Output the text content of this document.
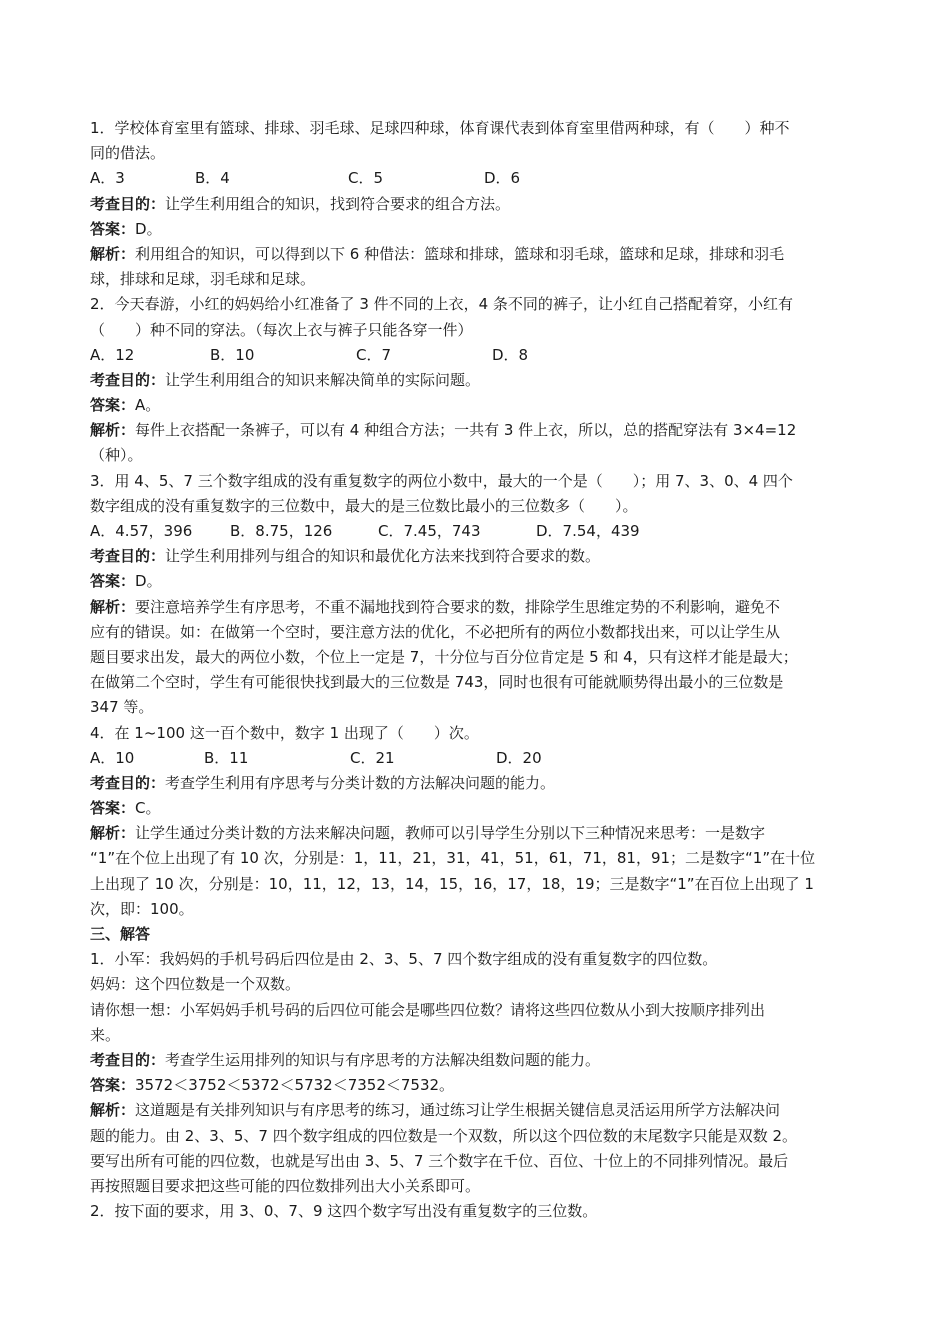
1．学校体育室里有篮球、排球、羽毛球、足球四种球，体育课代表到体育室里借两种球，有（　　）种不
同的借法。
A．3	B．4	C．5	D．6
考查目的：让学生利用组合的知识，找到符合要求的组合方法。
答案：D。
解析：利用组合的知识，可以得到以下 6 种借法：篮球和排球，篮球和羽毛球，篮球和足球，排球和羽毛
球，排球和足球，羽毛球和足球。
2．今天春游，小红的妈妈给小红准备了 3 件不同的上衣，4 条不同的裤子，让小红自己搭配着穿，小红有
（　　）种不同的穿法。（每次上衣与裤子只能各穿一件）
A．12	B．10	C．7	D．8
考查目的：让学生利用组合的知识来解决简单的实际问题。
答案：A。
解析：每件上衣搭配一条裤子，可以有 4 种组合方法；一共有 3 件上衣，所以，总的搭配穿法有 3×4=12
（种）。
3．用 4、5、7 三个数字组成的没有重复数字的两位小数中，最大的一个是（　　）；用 7、3、0、4 四个
数字组成的没有重复数字的三位数中，最大的是三位数比最小的三位数多（　　）。
A．4.57，396	B．8.75，126	C．7.45，743	D．7.54，439
考查目的：让学生利用排列与组合的知识和最优化方法来找到符合要求的数。
答案：D。
解析：要注意培养学生有序思考，不重不漏地找到符合要求的数，排除学生思维定势的不利影响，避免不
应有的错误。如：在做第一个空时，要注意方法的优化，不必把所有的两位小数都找出来，可以让学生从
题目要求出发，最大的两位小数，个位上一定是 7，十分位与百分位肯定是 5 和 4，只有这样才能是最大；
在做第二个空时，学生有可能很快找到最大的三位数是 743，同时也很有可能就顺势得出最小的三位数是
347 等。
4．在 1~100 这一百个数中，数字 1 出现了（　　）次。
A．10	B．11	C．21	D．20
考查目的：考查学生利用有序思考与分类计数的方法解决问题的能力。
答案：C。
解析：让学生通过分类计数的方法来解决问题，教师可以引导学生分别以下三种情况来思考：一是数字
“1”在个位上出现了有 10 次，分别是：1，11，21，31，41，51，61，71，81，91；二是数字“1”在十位
上出现了 10 次，分别是：10，11，12，13，14，15，16，17，18，19；三是数字“1”在百位上出现了 1
次，即：100。
三、解答
1．小军：我妈妈的手机号码后四位是由 2、3、5、7 四个数字组成的没有重复数字的四位数。
妈妈：这个四位数是一个双数。
请你想一想：小军妈妈手机号码的后四位可能会是哪些四位数？请将这些四位数从小到大按顺序排列出
来。
考查目的：考查学生运用排列的知识与有序思考的方法解决组数问题的能力。
答案：3572＜3752＜5372＜5732＜7352＜7532。
解析：这道题是有关排列知识与有序思考的练习，通过练习让学生根据关键信息灵活运用所学方法解决问
题的能力。由 2、3、5、7 四个数字组成的四位数是一个双数，所以这个四位数的末尾数字只能是双数 2。
要写出所有可能的四位数，也就是写出由 3、5、7 三个数字在千位、百位、十位上的不同排列情况。最后
再按照题目要求把这些可能的四位数排列出大小关系即可。
2．按下面的要求，用 3、0、7、9 这四个数字写出没有重复数字的三位数。
